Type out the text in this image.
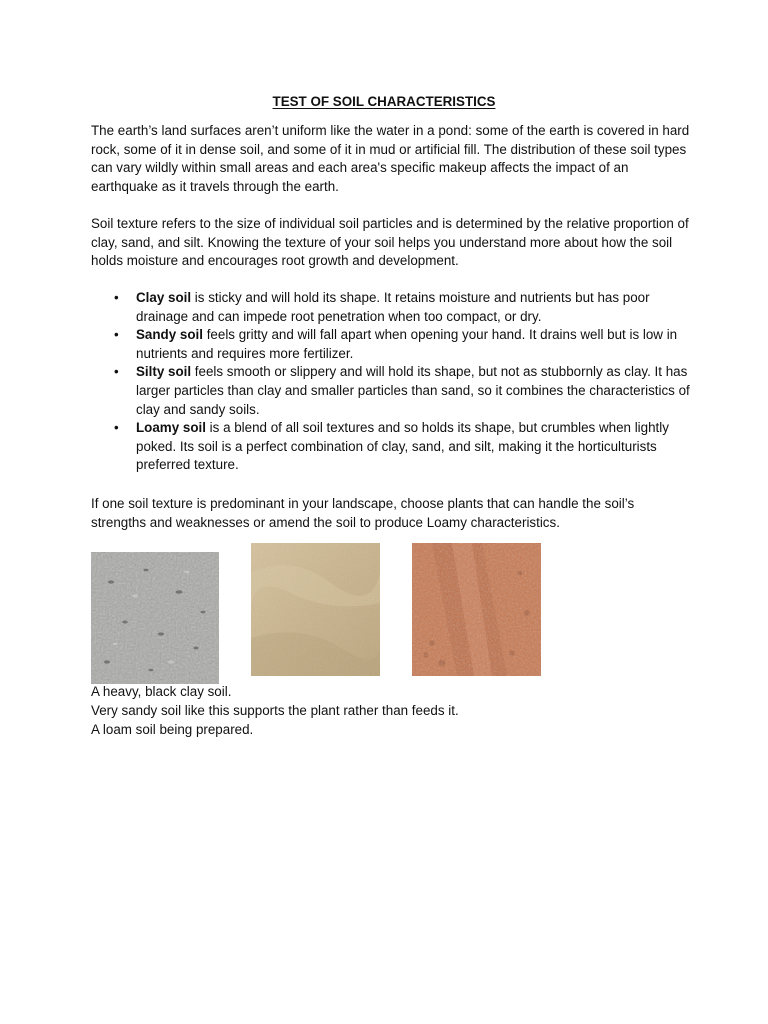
TEST OF SOIL CHARACTERISTICS

The earth’s land surfaces aren’t uniform like the water in a pond: some of the earth is covered in hard rock, some of it in dense soil, and some of it in mud or artificial fill. The distribution of these soil types can vary wildly within small areas and each area's specific makeup affects the impact of an earthquake as it travels through the earth.

Soil texture refers to the size of individual soil particles and is determined by the relative proportion of clay, sand, and silt. Knowing the texture of your soil helps you understand more about how the soil holds moisture and encourages root growth and development.

• Clay soil is sticky and will hold its shape. It retains moisture and nutrients but has poor drainage and can impede root penetration when too compact, or dry.
• Sandy soil feels gritty and will fall apart when opening your hand. It drains well but is low in nutrients and requires more fertilizer.
• Silty soil feels smooth or slippery and will hold its shape, but not as stubbornly as clay. It has larger particles than clay and smaller particles than sand, so it combines the characteristics of clay and sandy soils.
• Loamy soil is a blend of all soil textures and so holds its shape, but crumbles when lightly poked. Its soil is a perfect combination of clay, sand, and silt, making it the horticulturists preferred texture.

If one soil texture is predominant in your landscape, choose plants that can handle the soil’s strengths and weaknesses or amend the soil to produce Loamy characteristics.

A heavy, black clay soil.

Very sandy soil like this supports the plant rather than feeds it.

A loam soil being prepared.
